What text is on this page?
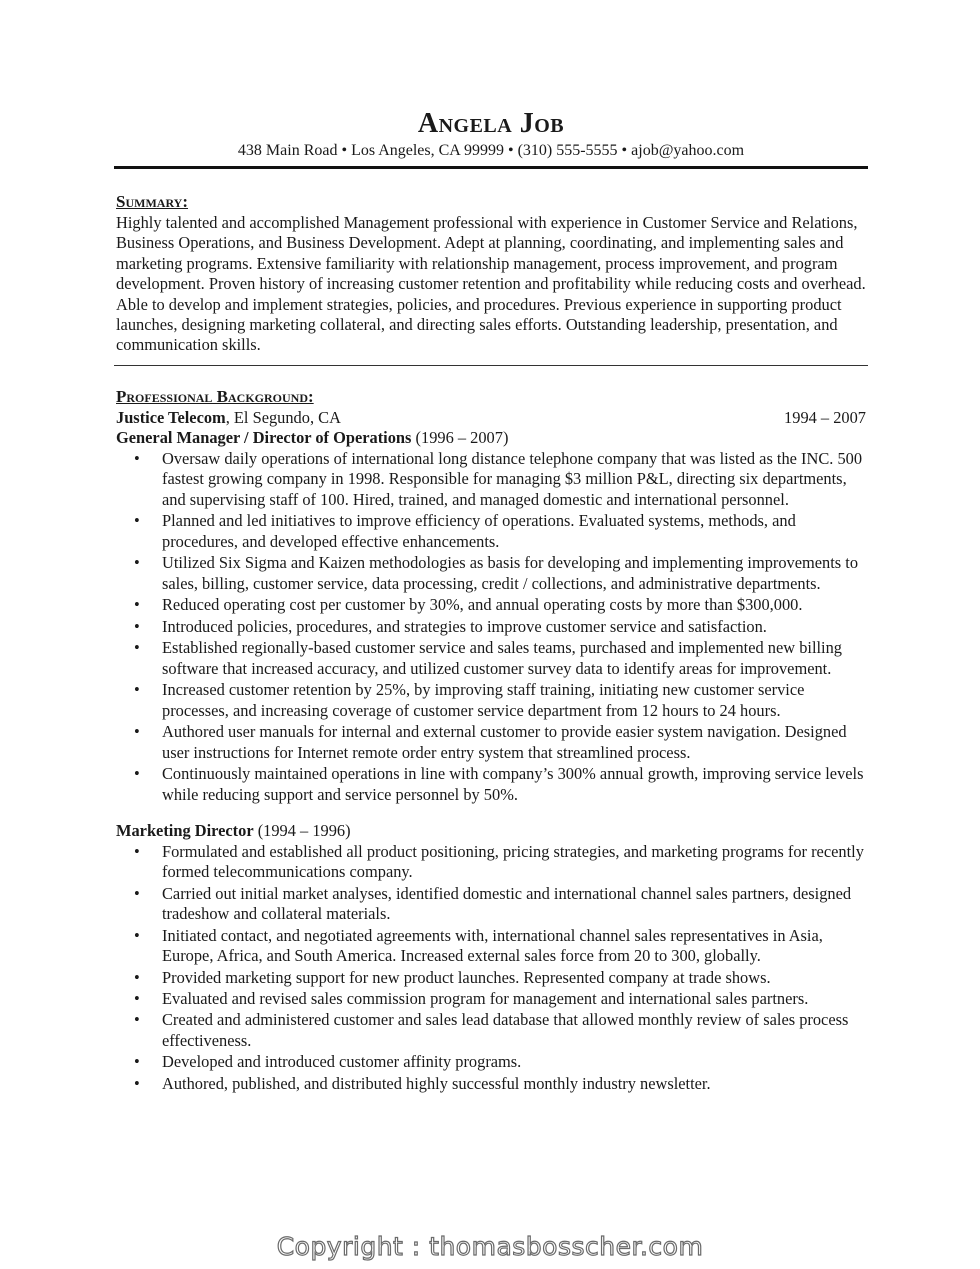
Angela Job

438 Main Road • Los Angeles, CA 99999 • (310) 555-5555 • ajob@yahoo.com

Summary:

Highly talented and accomplished Management professional with experience in Customer Service and Relations, Business Operations, and Business Development. Adept at planning, coordinating, and implementing sales and marketing programs. Extensive familiarity with relationship management, process improvement, and program development. Proven history of increasing customer retention and profitability while reducing costs and overhead. Able to develop and implement strategies, policies, and procedures. Previous experience in supporting product launches, designing marketing collateral, and directing sales efforts. Outstanding leadership, presentation, and communication skills.

Professional Background:

Justice Telecom, El Segundo, CA	1994 – 2007
General Manager / Director of Operations (1996 – 2007)
• Oversaw daily operations of international long distance telephone company that was listed as the INC. 500 fastest growing company in 1998. Responsible for managing $3 million P&L, directing six departments, and supervising staff of 100. Hired, trained, and managed domestic and international personnel.
• Planned and led initiatives to improve efficiency of operations. Evaluated systems, methods, and procedures, and developed effective enhancements.
• Utilized Six Sigma and Kaizen methodologies as basis for developing and implementing improvements to sales, billing, customer service, data processing, credit / collections, and administrative departments.
• Reduced operating cost per customer by 30%, and annual operating costs by more than $300,000.
• Introduced policies, procedures, and strategies to improve customer service and satisfaction.
• Established regionally-based customer service and sales teams, purchased and implemented new billing software that increased accuracy, and utilized customer survey data to identify areas for improvement.
• Increased customer retention by 25%, by improving staff training, initiating new customer service processes, and increasing coverage of customer service department from 12 hours to 24 hours.
• Authored user manuals for internal and external customer to provide easier system navigation. Designed user instructions for Internet remote order entry system that streamlined process.
• Continuously maintained operations in line with company’s 300% annual growth, improving service levels while reducing support and service personnel by 50%.
Marketing Director (1994 – 1996)
• Formulated and established all product positioning, pricing strategies, and marketing programs for recently formed telecommunications company.
• Carried out initial market analyses, identified domestic and international channel sales partners, designed tradeshow and collateral materials.
• Initiated contact, and negotiated agreements with, international channel sales representatives in Asia, Europe, Africa, and South America. Increased external sales force from 20 to 300, globally.
• Provided marketing support for new product launches. Represented company at trade shows.
• Evaluated and revised sales commission program for management and international sales partners.
• Created and administered customer and sales lead database that allowed monthly review of sales process effectiveness.
• Developed and introduced customer affinity programs.
• Authored, published, and distributed highly successful monthly industry newsletter.
Copyright : thomasbosscher.com
